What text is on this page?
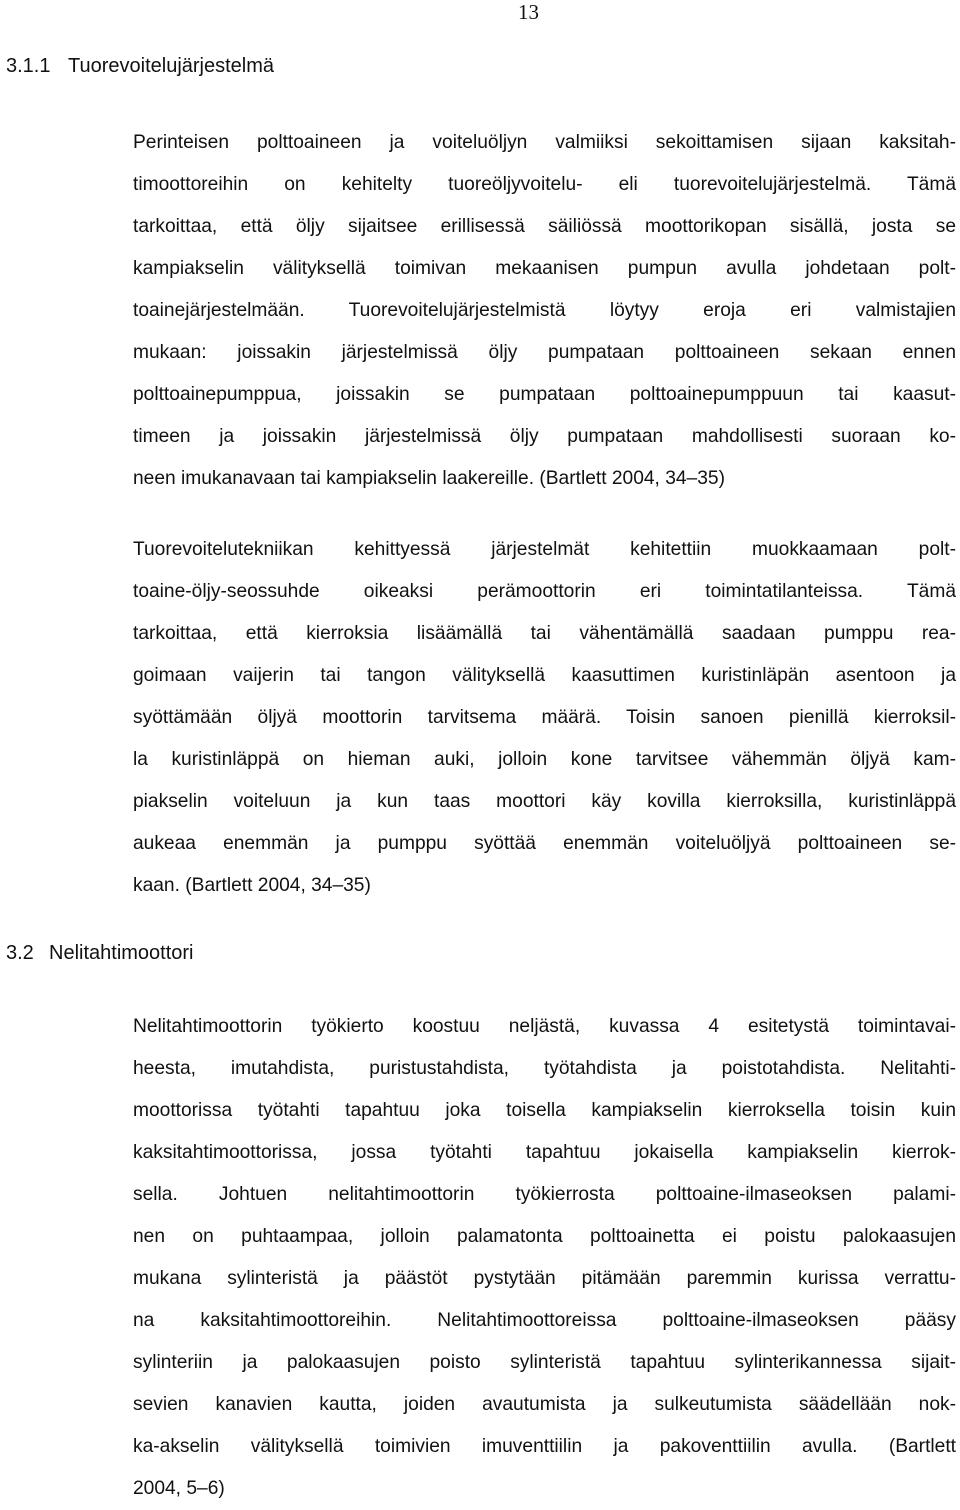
13
3.1.1 Tuorevoitelujärjestelmä
Perinteisen polttoaineen ja voiteluöljyn valmiiksi sekoittamisen sijaan kaksitah-
timoottoreihin on kehitelty tuoreöljyvoitelu- eli tuorevoitelujärjestelmä. Tämä
tarkoittaa, että öljy sijaitsee erillisessä säiliössä moottorikopan sisällä, josta se
kampiakselin välityksellä toimivan mekaanisen pumpun avulla johdetaan polt-
toainejärjestelmään. Tuorevoitelujärjestelmistä löytyy eroja eri valmistajien
mukaan: joissakin järjestelmissä öljy pumpataan polttoaineen sekaan ennen
polttoainepumppua, joissakin se pumpataan polttoainepumppuun tai kaasut-
timeen ja joissakin järjestelmissä öljy pumpataan mahdollisesti suoraan ko-
neen imukanavaan tai kampiakselin laakereille. (Bartlett 2004, 34–35)
Tuorevoitelutekniikan kehittyessä järjestelmät kehitettiin muokkaamaan polt-
toaine-öljy-seossuhde oikeaksi perämoottorin eri toimintatilanteissa. Tämä
tarkoittaa, että kierroksia lisäämällä tai vähentämällä saadaan pumppu rea-
goimaan vaijerin tai tangon välityksellä kaasuttimen kuristinläpän asentoon ja
syöttämään öljyä moottorin tarvitsema määrä. Toisin sanoen pienillä kierroksil-
la kuristinläppä on hieman auki, jolloin kone tarvitsee vähemmän öljyä kam-
piakselin voiteluun ja kun taas moottori käy kovilla kierroksilla, kuristinläppä
aukeaa enemmän ja pumppu syöttää enemmän voiteluöljyä polttoaineen se-
kaan. (Bartlett 2004, 34–35)
3.2 Nelitahtimoottori
Nelitahtimoottorin työkierto koostuu neljästä, kuvassa 4 esitetystä toimintavai-
heesta, imutahdista, puristustahdista, työtahdista ja poistotahdista. Nelitahti-
moottorissa työtahti tapahtuu joka toisella kampiakselin kierroksella toisin kuin
kaksitahtimoottorissa, jossa työtahti tapahtuu jokaisella kampiakselin kierrok-
sella. Johtuen nelitahtimoottorin työkierrosta polttoaine-ilmaseoksen palami-
nen on puhtaampaa, jolloin palamatonta polttoainetta ei poistu palokaasujen
mukana sylinteristä ja päästöt pystytään pitämään paremmin kurissa verrattu-
na kaksitahtimoottoreihin. Nelitahtimoottoreissa polttoaine-ilmaseoksen pääsy
sylinteriin ja palokaasujen poisto sylinteristä tapahtuu sylinterikannessa sijait-
sevien kanavien kautta, joiden avautumista ja sulkeutumista säädellään nok-
ka-akselin välityksellä toimivien imuventtiilin ja pakoventtiilin avulla. (Bartlett
2004, 5–6)
